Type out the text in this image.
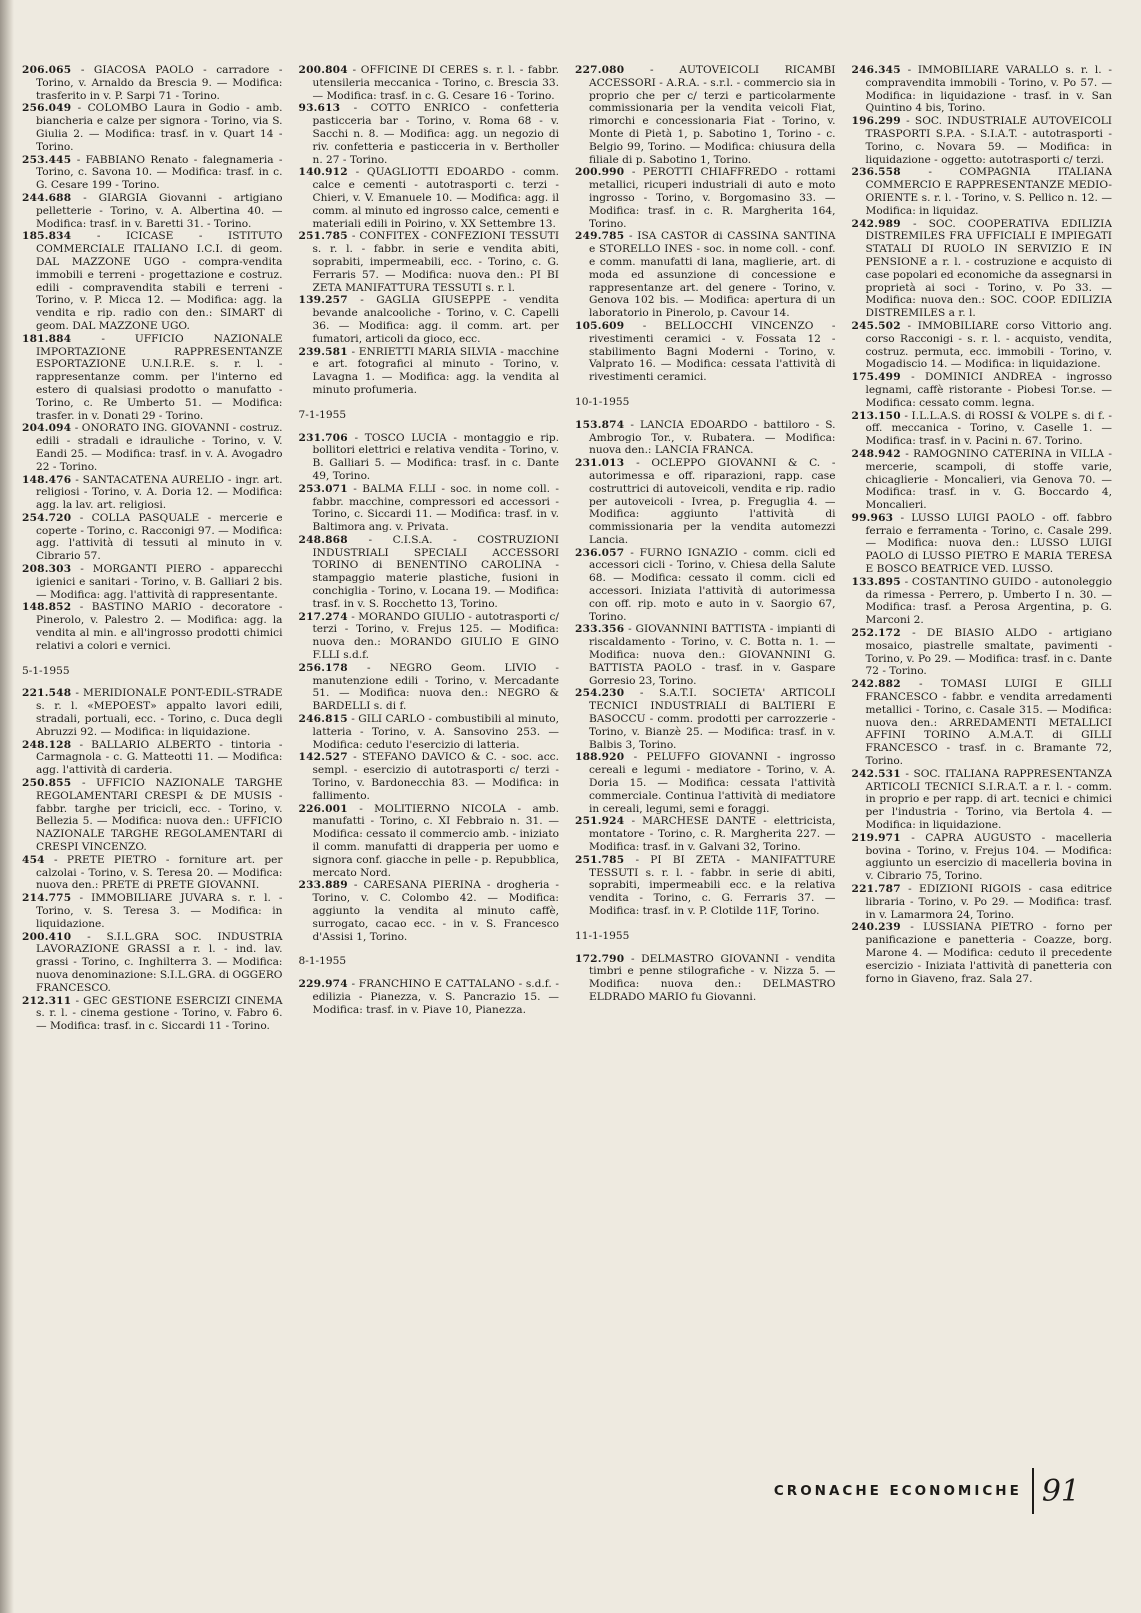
206.065 - GIACOSA PAOLO - carradore - Torino, v. Arnaldo da Brescia 9. — Modifica: trasferito in v. P. Sarpi 71 - Torino.
256.049 - COLOMBO Laura in Godio - amb. biancheria e calze per signora - Torino, via S. Giulia 2. — Modifica: trasf. in v. Quart 14 - Torino.
253.445 - FABBIANO Renato - falegnameria - Torino, c. Savona 10. — Modifica: trasf. in c. G. Cesare 199 - Torino.
244.688 - GIARGIA Giovanni - artigiano pelletterie - Torino, v. A. Albertina 40. — Modifica: trasf. in v. Baretti 31. - Torino.
185.834 - ICICASE - ISTITUTO COMMERCIALE ITALIANO I.C.I. di geom. DAL MAZZONE UGO - compra-vendita immobili e terreni - progettazione e costruz. edili - compravendita stabili e terreni - Torino, v. P. Micca 12. — Modifica: agg. la vendita e rip. radio con den.: SIMART di geom. DAL MAZZONE UGO.
181.884	- UFFICIO NAZIONALE IMPORTAZIONE RAPPRESENTANZE ESPORTAZIONE U.N.I.R.E. s. r. l. - rappresentanze comm. per l'interno ed estero di qualsiasi prodotto o manufatto - Torino, c. Re Umberto 51. — Modifica: trasfer. in v. Donati 29 - Torino.
204.094 - ONORATO ING. GIOVANNI - costruz. edili - stradali e idrauliche - Torino, v. V. Eandi 25. — Modifica: trasf. in v. A. Avogadro 22 - Torino.
148.476 - SANTACATENA AURELIO - ingr. art. religiosi - Torino, v. A. Doria 12. — Modifica: agg. la lav. art. religiosi.
254.720 - COLLA PASQUALE - mercerie e coperte - Torino, c. Racconigi 97. — Modifica: agg. l'attività di tessuti al minuto in v. Cibrario 57.
208.303 - MORGANTI PIERO - apparecchi igienici e sanitari - Torino, v. B. Galliari 2 bis. — Modifica: agg. l'attività di rappresentante.
148.852 - BASTINO MARIO - decoratore - Pinerolo, v. Palestro 2. — Modifica: agg. la vendita al min. e all'ingrosso prodotti chimici relativi a colori e vernici.
5-1-1955
221.548 - MERIDIONALE PONT-EDIL-STRADE s. r. l. «MEPOEST» appalto lavori edili, stradali, portuali, ecc. - Torino, c. Duca degli Abruzzi 92. — Modifica: in liquidazione.
248.128 - BALLARIO ALBERTO - tintoria - Carmagnola - c. G. Matteotti 11. — Modifica: agg. l'attività di carderia.
250.855 - UFFICIO NAZIONALE TARGHE REGOLAMENTARI CRESPI & DE MUSIS - fabbr. targhe per tricicli, ecc. - Torino, v. Bellezia 5. — Modifica: nuova den.: UFFICIO NAZIONALE TARGHE REGOLAMENTARI di CRESPI VINCENZO.
454 - PRETE PIETRO - forniture art. per calzolai - Torino, v. S. Teresa 20. — Modifica: nuova den.: PRETE di PRETE GIOVANNI.
214.775 - IMMOBILIARE JUVARA s. r. l. - Torino, v. S. Teresa 3. — Modifica: in liquidazione.
200.410 - S.I.L.GRA SOC. INDUSTRIA LAVORAZIONE GRASSI a r. l. - ind. lav. grassi - Torino, c. Inghilterra 3. — Modifica: nuova denominazione: S.I.L.GRA. di OGGERO FRANCESCO.
212.311 - GEC GESTIONE ESERCIZI CINEMA s. r. l. - cinema gestione - Torino, v. Fabro 6. — Modifica: trasf. in c. Siccardi 11 - Torino.
200.804 - OFFICINE DI CERES s. r. l. - fabbr. utensileria meccanica - Torino, c. Brescia 33. — Modifica: trasf. in c. G. Cesare 16 - Torino.
93.613 - COTTO ENRICO - confetteria pasticceria bar - Torino, v. Roma 68 - v. Sacchi n. 8. — Modifica: agg. un negozio di riv. confetteria e pasticceria in v. Bertholler n. 27 - Torino.
140.912 - QUAGLIOTTI EDOARDO - comm. calce e cementi - autotrasporti c. terzi - Chieri, v. V. Emanuele 10. — Modifica: agg. il comm. al minuto ed ingrosso calce, cementi e materiali edili in Poirino, v. XX Settembre 13.
251.785 - CONFITEX - CONFEZIONI TESSUTI s. r. l. - fabbr. in serie e vendita abiti, soprabiti, impermeabili, ecc. - Torino, c. G. Ferraris 57. — Modifica: nuova den.: PI BI ZETA MANIFATTURA TESSUTI s. r. l.
139.257 - GAGLIA GIUSEPPE - vendita bevande analcooliche - Torino, v. C. Capelli 36. — Modifica: agg. il comm. art. per fumatori, articoli da gioco, ecc.
239.581 - ENRIETTI MARIA SILVIA - macchine e art. fotografici al minuto - Torino, v. Lavagna 1. — Modifica: agg. la vendita al minuto profumeria.
7-1-1955
231.706 - TOSCO LUCIA - montaggio e rip. bollitori elettrici e relativa vendita - Torino, v. B. Galliari 5. — Modifica: trasf. in c. Dante 49, Torino.
253.071 - BALMA F.LLI - soc. in nome coll. - fabbr. macchine, compressori ed accessori - Torino, c. Siccardi 11. — Modifica: trasf. in v. Baltimora ang. v. Privata.
248.868 - C.I.S.A. - COSTRUZIONI INDUSTRIALI SPECIALI ACCESSORI TORINO di BENENTINO CAROLINA - stampaggio materie plastiche, fusioni in conchiglia - Torino, v. Locana 19. — Modifica: trasf. in v. S. Rocchetto 13, Torino.
217.274 - MORANDO GIULIO - autotrasporti c/ terzi - Torino, v. Frejus 125. — Modifica: nuova den.: MORANDO GIULIO E GINO F.LLI s.d.f.
256.178 - NEGRO Geom. LIVIO - manutenzione edili - Torino, v. Mercadante 51. — Modifica: nuova den.: NEGRO & BARDELLI s. di f.
246.815 - GILI CARLO - combustibili al minuto, latteria - Torino, v. A. Sansovino 253. — Modifica: ceduto l'esercizio di latteria.
142.527 - STEFANO DAVICO & C. - soc. acc. sempl. - esercizio di autotrasporti c/ terzi - Torino, v. Bardonecchia 83. — Modifica: in fallimento.
226.001 - MOLITIERNO NICOLA - amb. manufatti - Torino, c. XI Febbraio n. 31. — Modifica: cessato il commercio amb. - iniziato il comm. manufatti di drapperia per uomo e signora conf. giacche in pelle - p. Repubblica, mercato Nord.
233.889 - CARESANA PIERINA - drogheria - Torino, v. C. Colombo 42. — Modifica: aggiunto la vendita al minuto caffè, surrogato, cacao ecc. - in v. S. Francesco d'Assisi 1, Torino.
8-1-1955
229.974 - FRANCHINO E CATTALANO - s.d.f. - edilizia - Pianezza, v. S. Pancrazio 15. — Modifica: trasf. in v. Piave 10, Pianezza.
227.080 - AUTOVEICOLI RICAMBI ACCESSORI - A.R.A. - s.r.l. - commercio sia in proprio che per c/ terzi e particolarmente commissionaria per la vendita veicoli Fiat, rimorchi e concessionaria Fiat - Torino, v. Monte di Pietà 1, p. Sabotino 1, Torino - c. Belgio 99, Torino. — Modifica: chiusura della filiale di p. Sabotino 1, Torino.
200.990 - PEROTTI CHIAFFREDO - rottami metallici, ricuperi industriali di auto e moto ingrosso - Torino, v. Borgomasino 33. — Modifica: trasf. in c. R. Margherita 164, Torino.
249.785 - ISA CASTOR di CASSINA SANTINA e STORELLO INES - soc. in nome coll. - conf. e comm. manufatti di lana, maglierie, art. di moda ed assunzione di concessione e rappresentanze art. del genere - Torino, v. Genova 102 bis. — Modifica: apertura di un laboratorio in Pinerolo, p. Cavour 14.
105.609 - BELLOCCHI VINCENZO - rivestimenti ceramici - v. Fossata 12 - stabilimento Bagni Moderni - Torino, v. Valprato 16. — Modifica: cessata l'attività di rivestimenti ceramici.
10-1-1955
153.874 - LANCIA EDOARDO - battiloro - S. Ambrogio Tor., v. Rubatera. — Modifica: nuova den.: LANCIA FRANCA.
231.013 - OCLEPPO GIOVANNI & C. - autorimessa e off. riparazioni, rapp. case costruttrici di autoveicoli, vendita e rip. radio per autoveicoli - Ivrea, p. Freguglia 4. — Modifica: aggiunto l'attività di commissionaria per la vendita automezzi Lancia.
236.057 - FURNO IGNAZIO - comm. cicli ed accessori cicli - Torino, v. Chiesa della Salute 68. — Modifica: cessato il comm. cicli ed accessori. Iniziata l'attività di autorimessa con off. rip. moto e auto in v. Saorgio 67, Torino.
233.356 - GIOVANNINI BATTISTA - impianti di riscaldamento - Torino, v. C. Botta n. 1. — Modifica: nuova den.: GIOVANNINI G. BATTISTA PAOLO - trasf. in v. Gaspare Gorresio 23, Torino.
254.230 - S.A.T.I. SOCIETA' ARTICOLI TECNICI INDUSTRIALI di BALTIERI E BASOCCU - comm. prodotti per carrozzerie - Torino, v. Bianzè 25. — Modifica: trasf. in v. Balbis 3, Torino.
188.920 - PELUFFO GIOVANNI - ingrosso cereali e legumi - mediatore - Torino, v. A. Doria 15. — Modifica: cessata l'attività commerciale. Continua l'attività di mediatore in cereali, legumi, semi e foraggi.
251.924 - MARCHESE DANTE - elettricista, montatore - Torino, c. R. Margherita 227. — Modifica: trasf. in v. Galvani 32, Torino.
251.785 - PI BI ZETA - MANIFATTURE TESSUTI s. r. l. - fabbr. in serie di abiti, soprabiti, impermeabili ecc. e la relativa vendita - Torino, c. G. Ferraris 37. — Modifica: trasf. in v. P. Clotilde 11F, Torino.
11-1-1955
172.790 - DELMASTRO GIOVANNI - vendita timbri e penne stilografiche - v. Nizza 5. — Modifica: nuova den.: DELMASTRO ELDRADO MARIO fu Giovanni.
246.345 - IMMOBILIARE VARALLO s. r. l. - compravendita immobili - Torino, v. Po 57. — Modifica: in liquidazione - trasf. in v. San Quintino 4 bis, Torino.
196.299 - SOC. INDUSTRIALE AUTOVEICOLI TRASPORTI S.P.A. - S.I.A.T. - autotrasporti - Torino, c. Novara 59. — Modifica: in liquidazione - oggetto: autotrasporti c/ terzi.
236.558	- COMPAGNIA ITALIANA COMMERCIO E RAPPRESENTANZE MEDIO-ORIENTE s. r. l. - Torino, v. S. Pellico n. 12. — Modifica: in liquidaz.
242.989 - SOC. COOPERATIVA EDILIZIA DISTREMILES FRA UFFICIALI E IMPIEGATI STATALI DI RUOLO IN SERVIZIO E IN PENSIONE a r. l. - costruzione e acquisto di case popolari ed economiche da assegnarsi in proprietà ai soci - Torino, v. Po 33. — Modifica: nuova den.: SOC. COOP. EDILIZIA DISTREMILES a r. l.
245.502 - IMMOBILIARE corso Vittorio ang. corso Racconigi - s. r. l. - acquisto, vendita, costruz. permuta, ecc. immobili - Torino, v. Mogadiscio 14. — Modifica: in liquidazione.
175.499 - DOMINICI ANDREA - ingrosso legnami, caffè ristorante - Piobesi Tor.se. — Modifica: cessato comm. legna.
213.150 - I.L.L.A.S. di ROSSI & VOLPE s. di f. - off. meccanica - Torino, v. Caselle 1. — Modifica: trasf. in v. Pacini n. 67. Torino.
248.942 - RAMOGNINO CATERINA in VILLA - mercerie, scampoli, di stoffe varie, chicaglierie - Moncalieri, via Genova 70. — Modifica: trasf. in v. G. Boccardo 4, Moncalieri.
99.963 - LUSSO LUIGI PAOLO - off. fabbro ferraio e ferramenta - Torino, c. Casale 299. — Modifica: nuova den.: LUSSO LUIGI PAOLO di LUSSO PIETRO E MARIA TERESA E BOSCO BEATRICE VED. LUSSO.
133.895 - COSTANTINO GUIDO - autonoleggio da rimessa - Perrero, p. Umberto I n. 30. — Modifica: trasf. a Perosa Argentina, p. G. Marconi 2.
252.172 - DE BIASIO ALDO - artigiano mosaico, piastrelle smaltate, pavimenti - Torino, v. Po 29. — Modifica: trasf. in c. Dante 72 - Torino.
242.882 - TOMASI LUIGI E GILLI FRANCESCO - fabbr. e vendita arredamenti metallici - Torino, c. Casale 315. — Modifica: nuova den.: ARREDAMENTI METALLICI AFFINI TORINO A.M.A.T. di GILLI FRANCESCO - trasf. in c. Bramante 72, Torino.
242.531 - SOC. ITALIANA RAPPRESENTANZA ARTICOLI TECNICI S.I.R.A.T. a r. l. - comm. in proprio e per rapp. di art. tecnici e chimici per l'industria - Torino, via Bertola 4. — Modifica: in liquidazione.
219.971 - CAPRA AUGUSTO - macelleria bovina - Torino, v. Frejus 104. — Modifica: aggiunto un esercizio di macelleria bovina in v. Cibrario 75, Torino.
221.787 - EDIZIONI RIGOIS - casa editrice libraria - Torino, v. Po 29. — Modifica: trasf. in v. Lamarmora 24, Torino.
240.239 - LUSSIANA PIETRO - forno per panificazione e panetteria - Coazze, borg. Marone 4. — Modifica: ceduto il precedente esercizio - Iniziata l'attività di panetteria con forno in Giaveno, fraz. Sala 27.
CRONACHE ECONOMICHE 91
